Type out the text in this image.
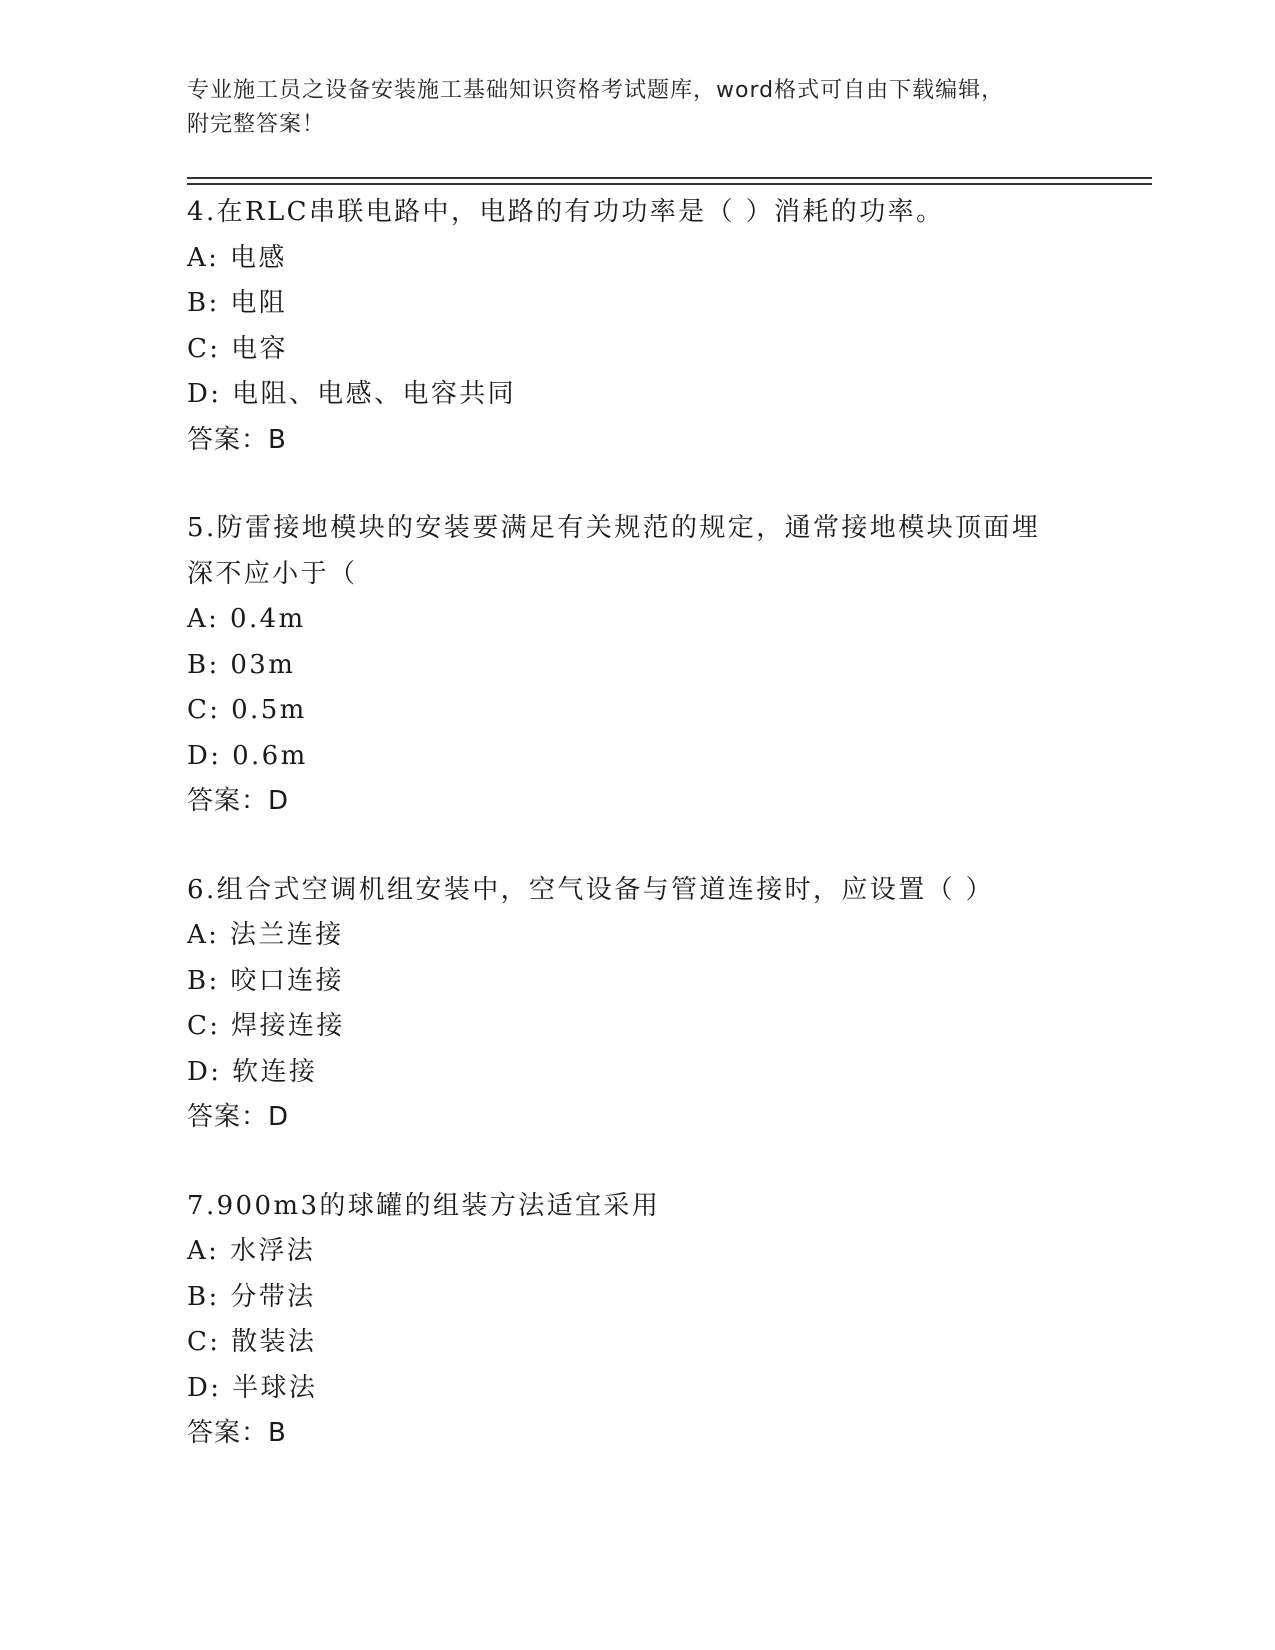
专业施工员之设备安装施工基础知识资格考试题库，word格式可自由下载编辑，
附完整答案！

4.在RLC串联电路中，电路的有功功率是（ ）消耗的功率。

A: 电感

B: 电阻

C: 电容

D: 电阻、电感、电容共同

答案：B

5.防雷接地模块的安装要满足有关规范的规定，通常接地模块顶面埋

深不应小于（

A: 0.4m

B: 03m

C: 0.5m

D: 0.6m

答案：D

6.组合式空调机组安装中，空气设备与管道连接时，应设置（ ）

A: 法兰连接

B: 咬口连接

C: 焊接连接

D: 软连接

答案：D

7.900m3的球罐的组装方法适宜采用

A: 水浮法

B: 分带法

C: 散装法

D: 半球法

答案：B
